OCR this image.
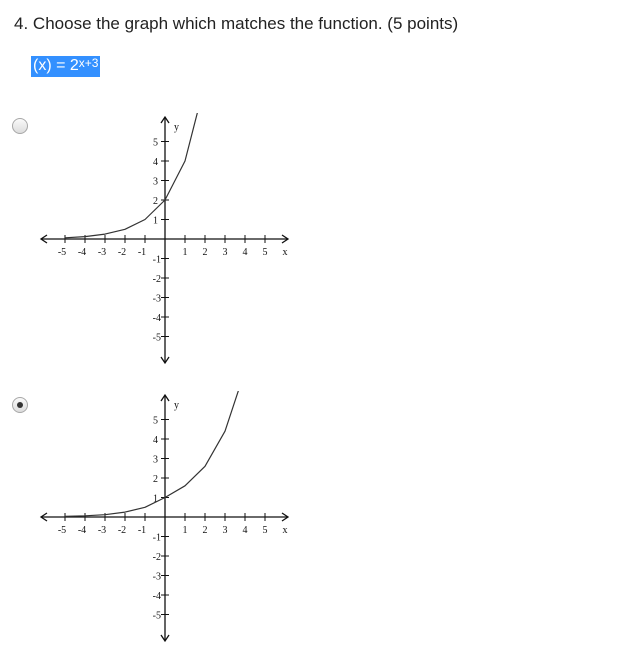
4. Choose the graph which matches the function. (5 points)
$(x) = 2^{x+3}$
-5 -4 -3 -2 -1	1 2 3 4 5
1
2
3
4
5
-1
-2
-3
-4
-5
x
y
-5 -4 -3 -2 -1	1 2 3 4 5
1
2
3
4
5
-1
-2
-3
-4
-5
x
y
